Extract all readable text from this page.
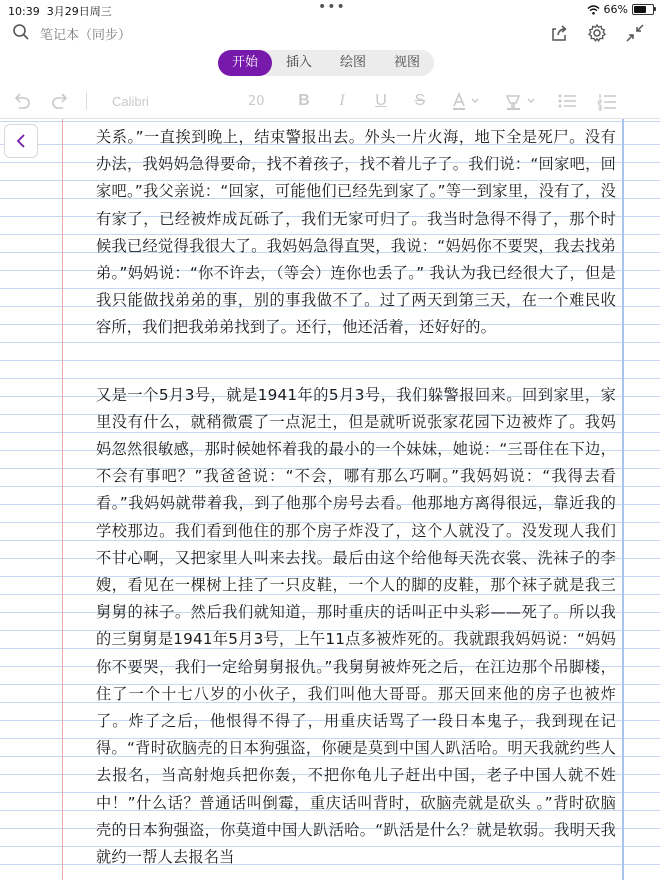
10:39 3月29日周三	•••	66%
笔记本（同步）
开始	插入	绘图	视图
Calibri	20 B	I	U S

关系。”一直挨到晚上，结束警报出去。外头一片火海，地下全是死尸。没有办法，我妈妈急得要命，找不着孩子，找不着儿子了。我们说：“回家吧，回家吧。”我父亲说：“回家，可能他们已经先到家了。”等一到家里，没有了，没有家了，已经被炸成瓦砾了，我们无家可归了。我当时急得不得了，那个时候我已经觉得我很大了。我妈妈急得直哭，我说：“妈妈你不要哭，我去找弟弟。”妈妈说：“你不许去，（等会）连你也丢了。” 我认为我已经很大了，但是我只能做找弟弟的事，别的事我做不了。过了两天到第三天，在一个难民收容所，我们把我弟弟找到了。还行，他还活着，还好好的。

又是一个5月3号，就是1941年的5月3号，我们躲警报回来。回到家里，家里没有什么，就稍微震了一点泥土，但是就听说张家花园下边被炸了。我妈妈忽然很敏感，那时候她怀着我的最小的一个妹妹，她说：“三哥住在下边，不会有事吧？”我爸爸说：“不会，哪有那么巧啊。”我妈妈说：“我得去看看。”我妈妈就带着我，到了他那个房号去看。他那地方离得很远，靠近我的学校那边。我们看到他住的那个房子炸没了，这个人就没了。没发现人我们不甘心啊，又把家里人叫来去找。最后由这个给他每天洗衣裳、洗袜子的李嫂，看见在一棵树上挂了一只皮鞋，一个人的脚的皮鞋，那个袜子就是我三舅舅的袜子。然后我们就知道，那时重庆的话叫正中头彩——死了。所以我的三舅舅是1941年5月3号，上午11点多被炸死的。我就跟我妈妈说：“妈妈你不要哭，我们一定给舅舅报仇。”我舅舅被炸死之后，在江边那个吊脚楼，住了一个十七八岁的小伙子，我们叫他大哥哥。那天回来他的房子也被炸了。炸了之后，他恨得不得了，用重庆话骂了一段日本鬼子，我到现在记得。“背时砍脑壳的日本狗强盗，你硬是莫到中国人趴活哈。明天我就约些人去报名，当高射炮兵把你轰，不把你龟儿子赶出中国，老子中国人就不姓中！”什么话？普通话叫倒霉，重庆话叫背时，砍脑壳就是砍头 。”背时砍脑壳的日本狗强盗，你莫道中国人趴活哈。“趴活是什么？就是软弱。我明天我就约一帮人去报名当
